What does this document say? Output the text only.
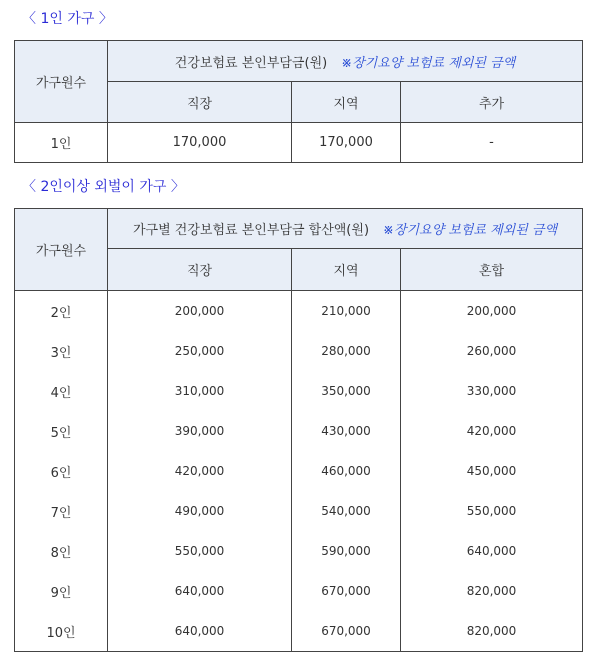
〈 1인 가구 〉
가구원수	건강보험료 본인부담금(원) ※장기요양 보험료 제외된 금액		
	직장	지역	추가
1인	170,000	170,000	-
〈 2인이상 외벌이 가구 〉
가구원수	가구별 건강보험료 본인부담금 합산액(원) ※장기요양 보험료 제외된 금액		
	직장	지역	혼합
2인	200,000	210,000	200,000
3인	250,000	280,000	260,000
4인	310,000	350,000	330,000
5인	390,000	430,000	420,000
6인	420,000	460,000	450,000
7인	490,000	540,000	550,000
8인	550,000	590,000	640,000
9인	640,000	670,000	820,000
10인	640,000	670,000	820,000
